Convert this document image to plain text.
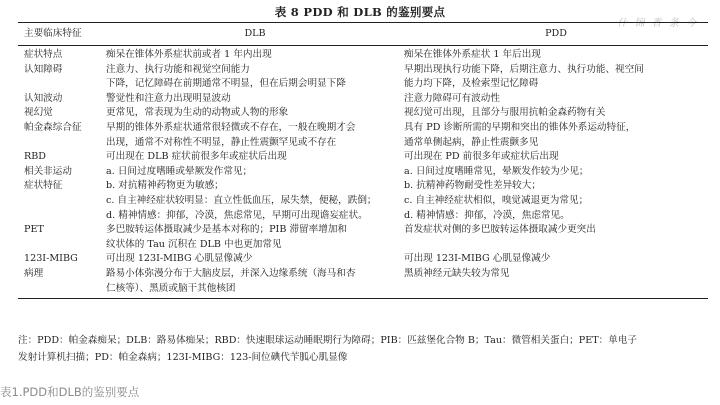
表 8 PDD 和 DLB 的鉴别要点
什 锦 香 条 今
主要临床特征	DLB	PDD
症状特点	痴呆在锥体外系症状前或者 1 年内出现	痴呆在锥体外系症状 1 年后出现
认知障碍	注意力、执行功能和视觉空间能力	早期出现执行功能下降，后期注意力、执行功能、视空间
下降，记忆障碍在前期通常不明显，但在后期会明显下降	能力均下降，及检索型记忆障碍
认知波动	警觉性和注意力出现明显波动	注意力障碍可有波动性
视幻觉	更常见，常表现为生动的动物或人物的形象	视幻觉可出现，且部分与服用抗帕金森药物有关
帕金森综合征	早期的锥体外系症状通常很轻微或不存在，一般在晚期才会	具有 PD 诊断所需的早期和突出的锥体外系运动特征，
出现，通常不对称性不明显，静止性震颤罕见或不存在	通常单侧起病，静止性震颤多见
RBD	可出现在 DLB 症状前很多年或症状后出现	可出现在 PD 前很多年或症状后出现
相关非运动	a. 日间过度嗜睡或晕厥发作常见；	a. 日间过度嗜睡常见，晕厥发作较为少见；
症状特征	b. 对抗精神药物更为敏感；	b. 抗精神药物耐受性差异较大；
c. 自主神经症状较明显：直立性低血压，尿失禁，便秘，跌倒；	c. 自主神经症状相似，嗅觉减退更为常见；
d. 精神情感：抑郁，冷漠，焦虑常见，早期可出现谵妄症状。	d. 精神情感：抑郁，冷漠，焦虑常见。
PET	多巴胺转运体摄取减少是基本对称的；PIB 滞留率增加和	首发症状对侧的多巴胺转运体摄取减少更突出
纹状体的 Tau 沉积在 DLB 中也更加常见
123I-MIBG	可出现 123I-MIBG 心肌显像减少	可出现 123I-MIBG 心肌显像减少
病理	路易小体弥漫分布于大脑皮层，并深入边缘系统（海马和杏	黑质神经元缺失较为常见
仁核等）、黑质或脑干其他核团
注：PDD：帕金森痴呆；DLB：路易体痴呆；RBD：快速眼球运动睡眠期行为障碍；PIB：匹兹堡化合物 B；Tau：微管相关蛋白；PET：单电子
发射计算机扫描；PD：帕金森病；123I-MIBG：123-间位碘代苄胍心肌显像
表1.PDD和DLB的鉴别要点
